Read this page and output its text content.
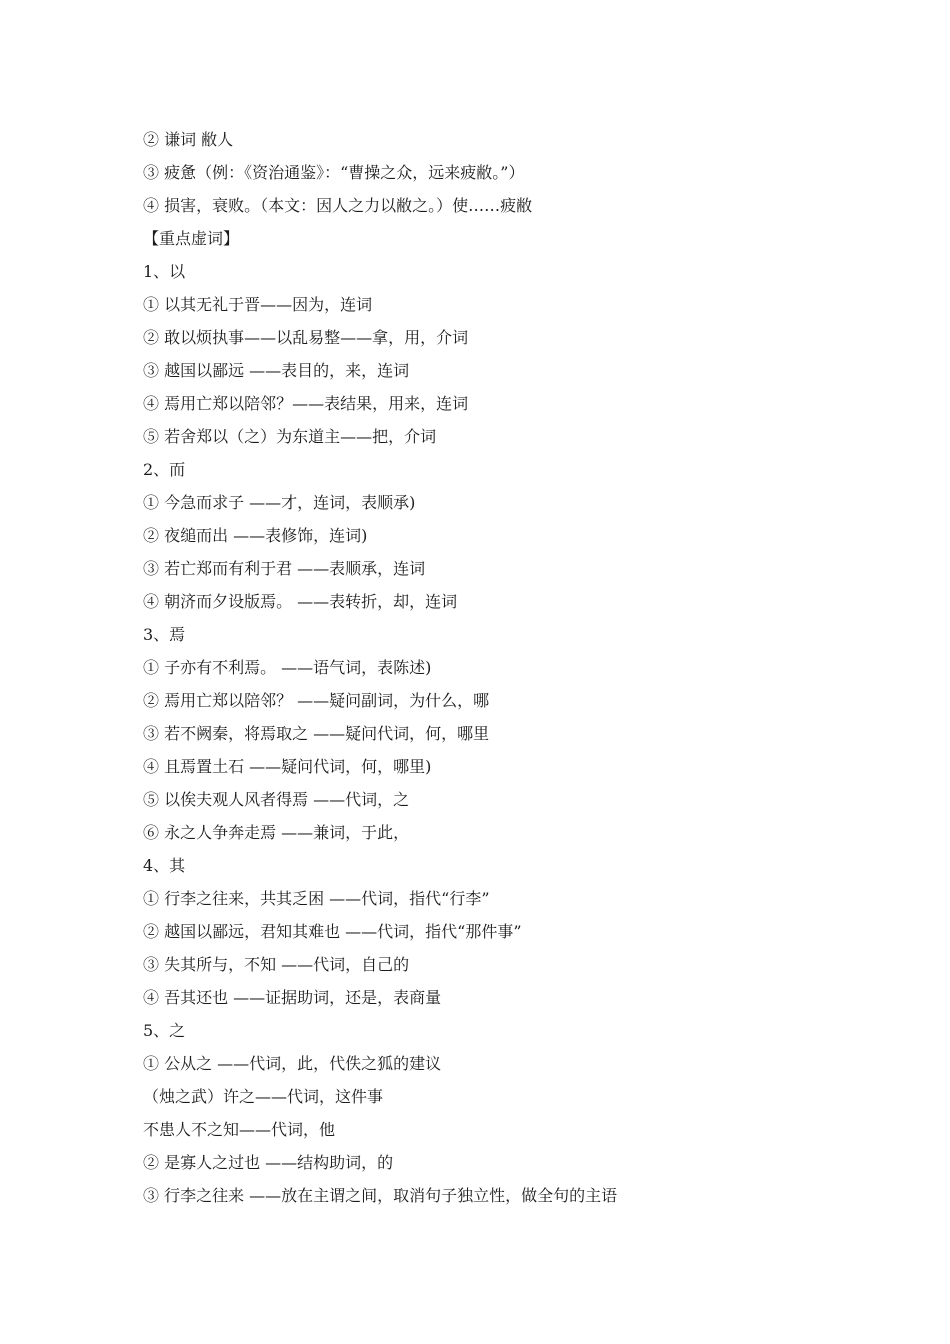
② 谦词 敝人
③ 疲惫（例：《资治通鉴》：“曹操之众，远来疲敝。”）
④ 损害，衰败。（本文：因人之力以敝之。）使……疲敝
【重点虚词】
1、以
① 以其无礼于晋——因为，连词
② 敢以烦执事——以乱易整——拿，用，介词
③ 越国以鄙远 ——表目的，来，连词
④ 焉用亡郑以陪邻？——表结果，用来，连词
⑤ 若舍郑以（之）为东道主——把，介词
2、而
① 今急而求子 ——才，连词，表顺承)
② 夜缒而出 ——表修饰，连词)
③ 若亡郑而有利于君 ——表顺承，连词
④ 朝济而夕设版焉。 ——表转折，却，连词
3、焉
① 子亦有不利焉。 ——语气词，表陈述)
② 焉用亡郑以陪邻？ ——疑问副词，为什么，哪
③ 若不阙秦，将焉取之 ——疑问代词，何，哪里
④ 且焉置土石 ——疑问代词，何，哪里)
⑤ 以俟夫观人风者得焉 ——代词，之
⑥ 永之人争奔走焉 ——兼词，于此，
4、其
① 行李之往来，共其乏困 ——代词，指代“行李”
② 越国以鄙远，君知其难也 ——代词，指代“那件事”
③ 失其所与，不知 ——代词，自己的
④ 吾其还也 ——证据助词，还是，表商量
5、之
① 公从之 ——代词，此，代佚之狐的建议
（烛之武）许之——代词，这件事
不患人不之知——代词，他
② 是寡人之过也 ——结构助词，的
③ 行李之往来 ——放在主谓之间，取消句子独立性，做全句的主语
